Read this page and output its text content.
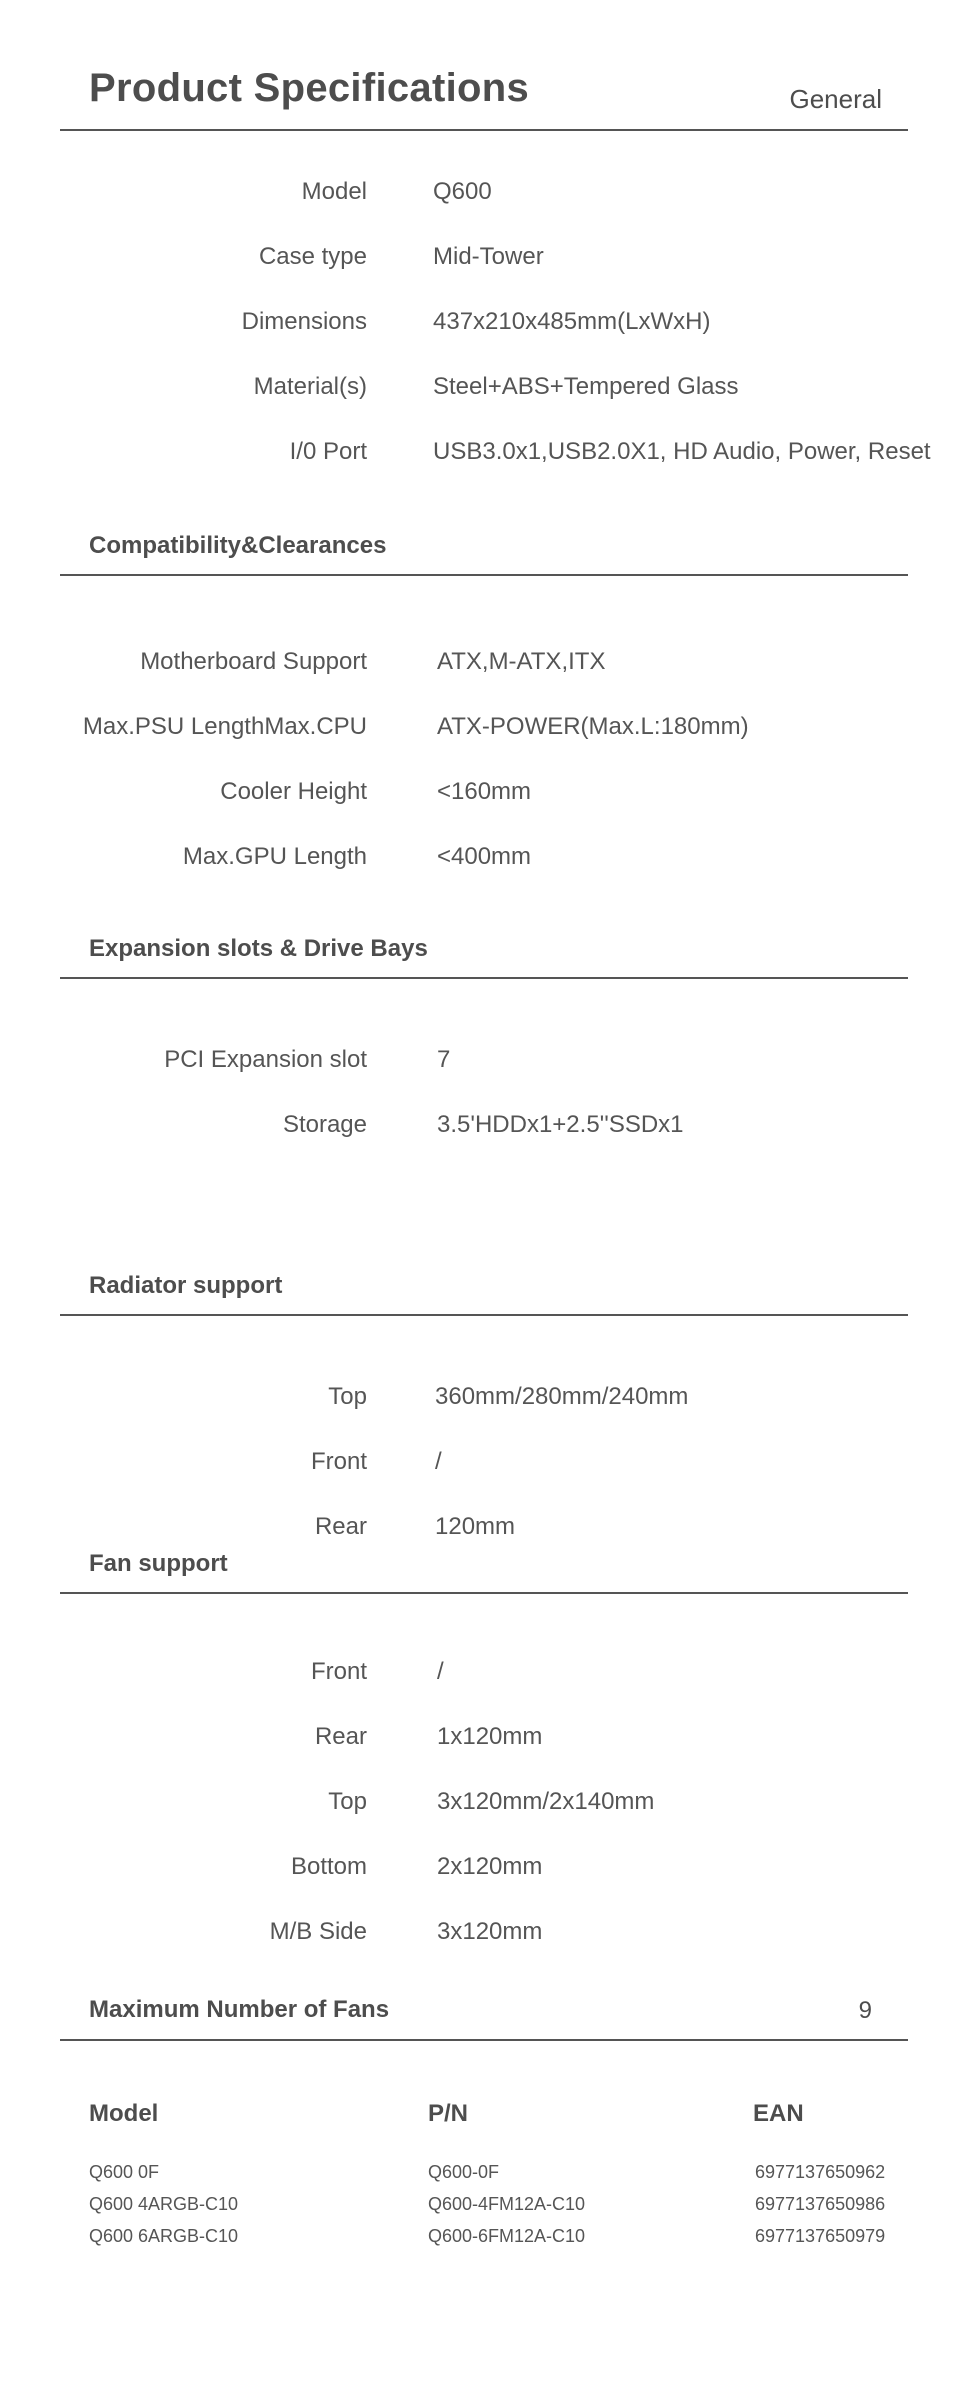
Product Specifications	General
Model	Q600
Case type	Mid-Tower
Dimensions	437x210x485mm(LxWxH)
Material(s)	Steel+ABS+Tempered Glass
I/0 Port	USB3.0x1,USB2.0X1, HD Audio, Power, Reset
Compatibility&Clearances
Motherboard Support	ATX,M-ATX,ITX
Max.PSU LengthMax.CPU	ATX-POWER(Max.L:180mm)
Cooler Height	<160mm
Max.GPU Length	<400mm
Expansion slots & Drive Bays
PCI Expansion slot	7
Storage	3.5'HDDx1+2.5''SSDx1
Radiator support
Top	360mm/280mm/240mm
Front	/
Rear	120mm
Fan support
Front	/
Rear	1x120mm
Top	3x120mm/2x140mm
Bottom	2x120mm
M/B Side	3x120mm
Maximum Number of Fans	9
Model	P/N	EAN
Q600 0F	Q600-0F	6977137650962
Q600 4ARGB-C10	Q600-4FM12A-C10	6977137650986
Q600 6ARGB-C10	Q600-6FM12A-C10	6977137650979
